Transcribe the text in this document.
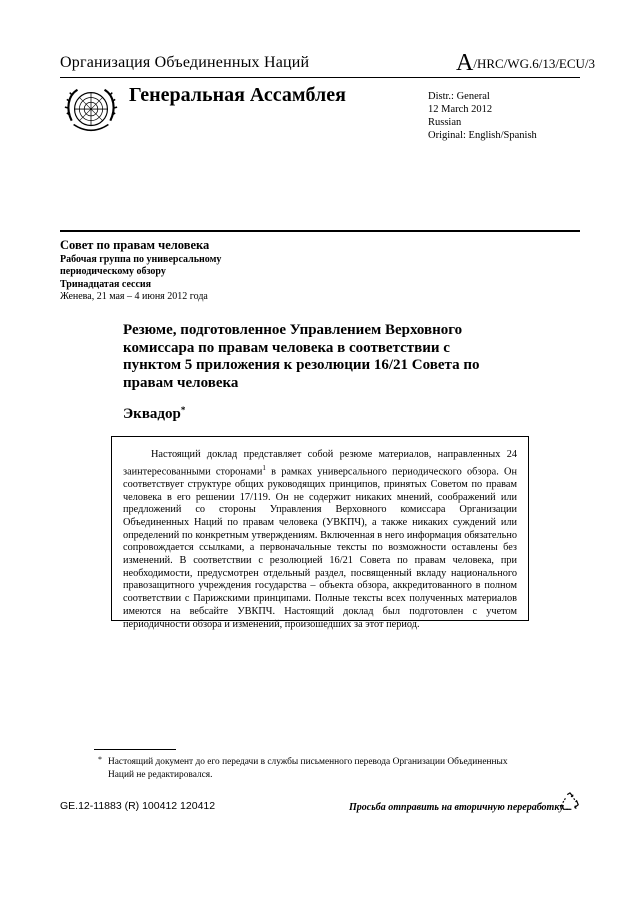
Организация Объединенных Наций	A/HRC/WG.6/13/ECU/3
Генеральная Ассамблея	Distr.: General
12 March 2012
Russian
Original: English/Spanish
Совет по правам человека
Рабочая группа по универсальному
периодическому обзору
Тринадцатая сессия
Женева, 21 мая – 4 июня 2012 года
Резюме, подготовленное Управлением Верховного
комиссара по правам человека в соответствии с
пунктом 5 приложения к резолюции 16/21 Совета по
правам человека
Эквадор*

Настоящий доклад представляет собой резюме материалов, направленных 24 заинтересованными сторонами$^1$ в рамках универсального периодического обзора. Он соответствует структуре общих руководящих принципов, принятых Советом по правам человека в его решении 17/119. Он не содержит никаких мнений, соображений или предложений со стороны Управления Верховного комиссара Организации Объединенных Наций по правам человека (УВКПЧ), а также никаких суждений или определений по конкретным утверждениям. Включенная в него информация обязательно сопровождается ссылками, а первоначальные тексты по возможности оставлены без изменений. В соответствии с резолюцией 16/21 Совета по правам человека, при необходимости, предусмотрен отдельный раздел, посвященный вкладу национального правозащитного учреждения государства – объекта обзора, аккредитованного в полном соответствии с Парижскими принципами. Полные тексты всех полученных материалов имеются на вебсайте УВКПЧ. Настоящий доклад был подготовлен с учетом периодичности обзора и изменений, произошедших за этот период.

* Настоящий документ до его передачи в службы письменного перевода Организации Объединенных Наций не редактировался.
GE.12-11883 (R) 100412 120412	Просьба отправить на вторичную переработку
